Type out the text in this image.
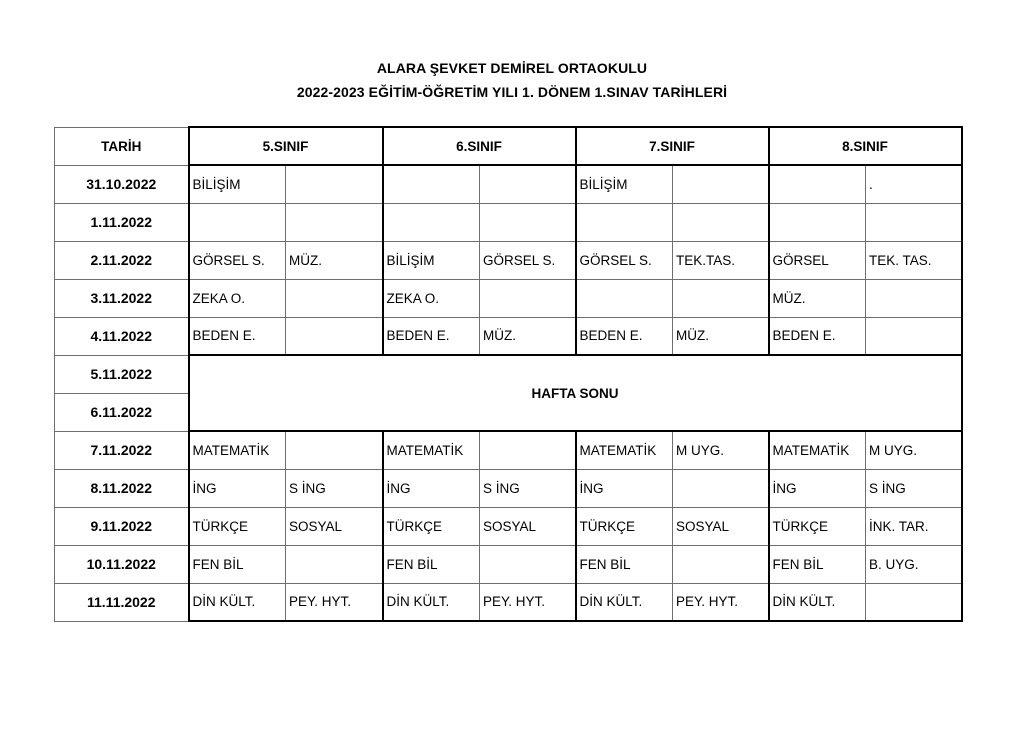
ALARA ŞEVKET DEMİREL ORTAOKULU
2022-2023 EĞİTİM-ÖĞRETİM YILI 1. DÖNEM 1.SINAV TARİHLERİ
TARİH	5.SINIF		6.SINIF		7.SINIF		8.SINIF	
31.10.2022	BİLİŞİM				BİLİŞİM			.
1.11.2022								
2.11.2022	GÖRSEL S.	MÜZ.	BİLİŞİM	GÖRSEL S.	GÖRSEL S.	TEK.TAS.	GÖRSEL	TEK. TAS.
3.11.2022	ZEKA O.		ZEKA O.				MÜZ.	
4.11.2022	BEDEN E.		BEDEN E.	MÜZ.	BEDEN E.	MÜZ.	BEDEN E.	
5.11.2022	HAFTA SONU							
6.11.2022								
7.11.2022	MATEMATİK		MATEMATİK		MATEMATİK	M UYG.	MATEMATİK	M UYG.
8.11.2022	İNG	S İNG	İNG	S İNG	İNG		İNG	S İNG
9.11.2022	TÜRKÇE	SOSYAL	TÜRKÇE	SOSYAL	TÜRKÇE	SOSYAL	TÜRKÇE	İNK. TAR.
10.11.2022	FEN BİL		FEN BİL		FEN BİL		FEN BİL	B. UYG.
11.11.2022	DİN KÜLT.	PEY. HYT.	DİN KÜLT.	PEY. HYT.	DİN KÜLT.	PEY. HYT.	DİN KÜLT.	
